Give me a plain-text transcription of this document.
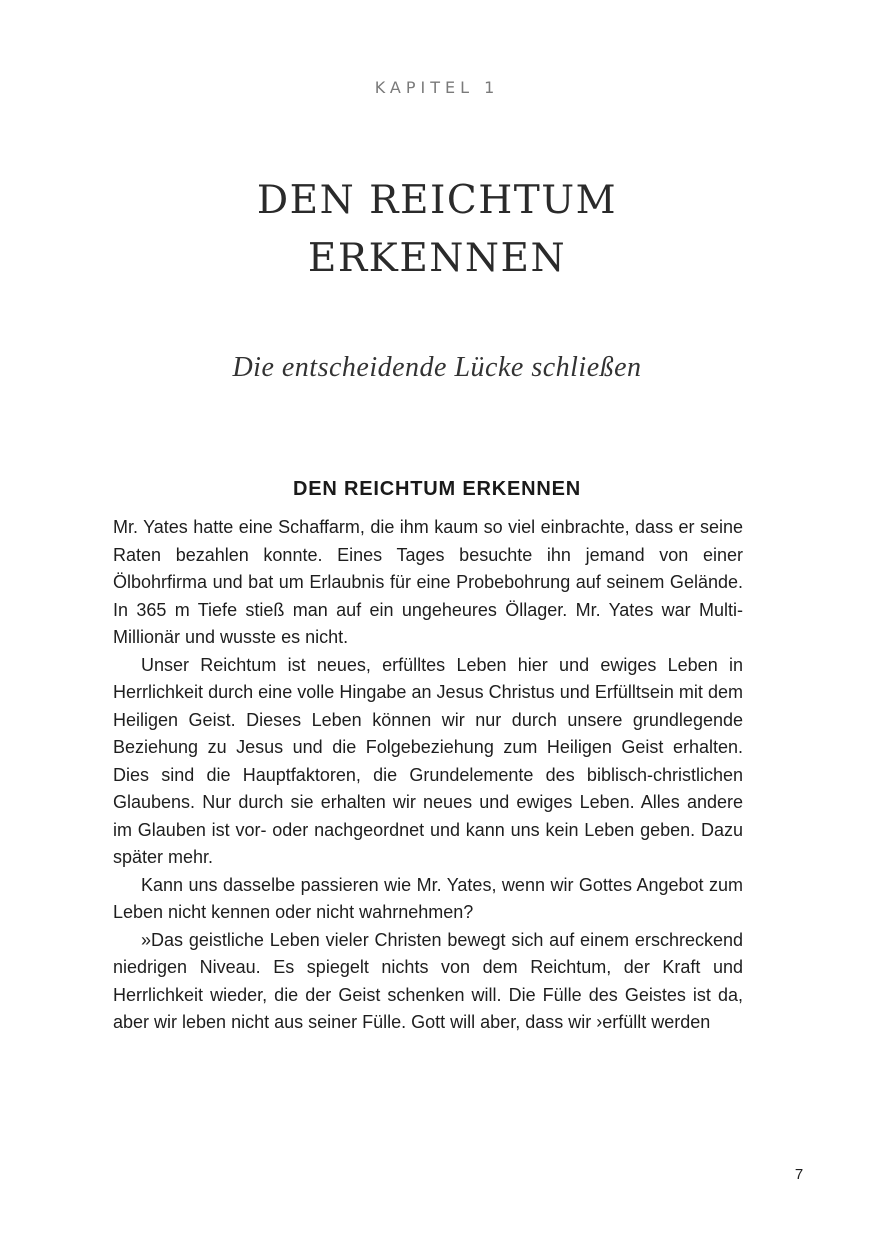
KAPITEL 1
DEN REICHTUM
ERKENNEN
Die entscheidende Lücke schließen
DEN REICHTUM ERKENNEN

Mr. Yates hatte eine Schaffarm, die ihm kaum so viel einbrachte, dass er seine Raten bezahlen konnte. Eines Tages besuchte ihn jemand von einer Ölbohrfirma und bat um Erlaubnis für eine Probebohrung auf seinem Gelände. In 365 m Tiefe stieß man auf ein ungeheures Öllager. Mr. Yates war Multi-Millionär und wusste es nicht.

Unser Reichtum ist neues, erfülltes Leben hier und ewiges Leben in Herrlichkeit durch eine volle Hingabe an Jesus Christus und Erfülltsein mit dem Heiligen Geist. Dieses Leben können wir nur durch unsere grundlegende Beziehung zu Jesus und die Folgebeziehung zum Heiligen Geist erhalten. Dies sind die Hauptfaktoren, die Grundelemente des biblisch-christlichen Glaubens. Nur durch sie erhalten wir neues und ewiges Leben. Alles andere im Glauben ist vor- oder nachgeordnet und kann uns kein Leben geben. Dazu später mehr.

Kann uns dasselbe passieren wie Mr. Yates, wenn wir Gottes Angebot zum Leben nicht kennen oder nicht wahrnehmen?

»Das geistliche Leben vieler Christen bewegt sich auf einem erschreckend niedrigen Niveau. Es spiegelt nichts von dem Reichtum, der Kraft und Herrlichkeit wieder, die der Geist schenken will. Die Fülle des Geistes ist da, aber wir leben nicht aus seiner Fülle. Gott will aber, dass wir ›erfüllt werden

7
